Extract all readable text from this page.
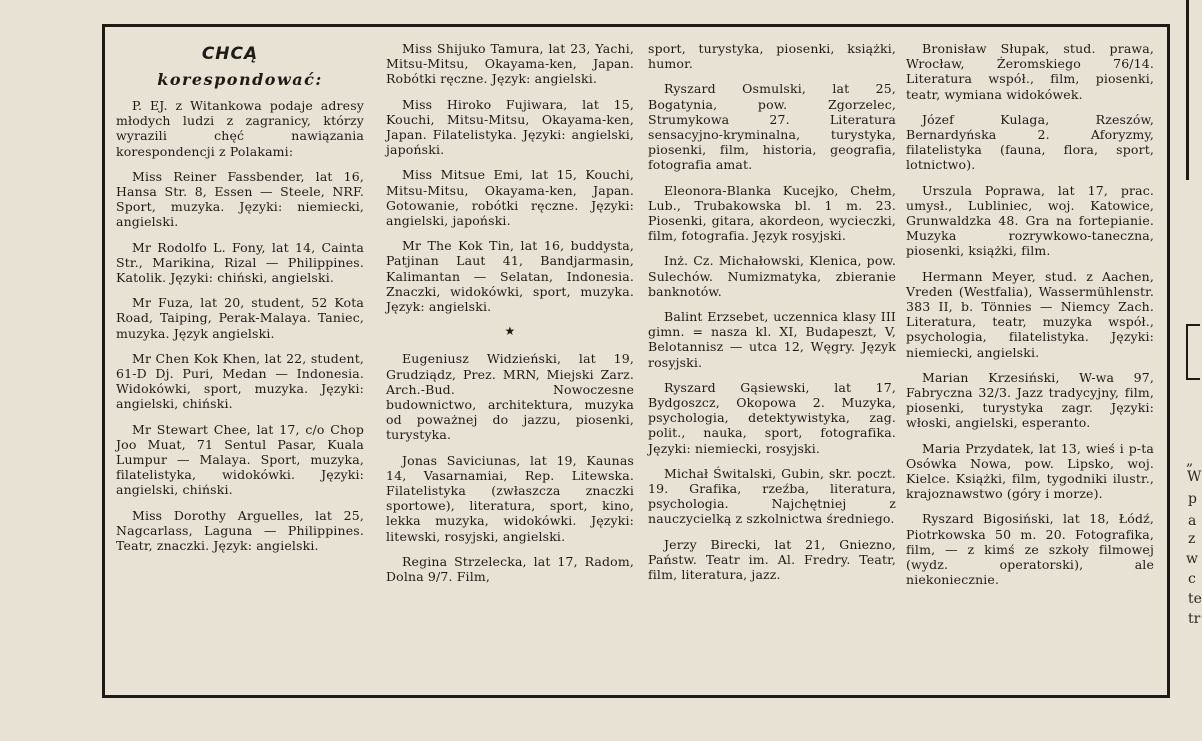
CHCĄ
korespondować:
P. EJ. z Witankowa podaje adresy młodych ludzi z zagranicy, którzy wyrazili chęć nawiązania korespondencji z Polakami:
Miss Reiner Fassbender, lat 16, Hansa Str. 8, Essen — Steele, NRF. Sport, muzyka. Języki: niemiecki, angielski.
Mr Rodolfo L. Fony, lat 14, Cainta Str., Marikina, Rizal — Philippines. Katolik. Języki: chiński, angielski.
Mr Fuza, lat 20, student, 52 Kota Road, Taiping, Perak-Malaya. Taniec, muzyka. Język angielski.
Mr Chen Kok Khen, lat 22, student, 61-D Dj. Puri, Medan — Indonesia. Widokówki, sport, muzyka. Języki: angielski, chiński.
Mr Stewart Chee, lat 17, c/o Chop Joo Muat, 71 Sentul Pasar, Kuala Lumpur — Malaya. Sport, muzyka, filatelistyka, widokówki. Języki: angielski, chiński.
Miss Dorothy Arguelles, lat 25, Nagcarlass, Laguna — Philippines. Teatr, znaczki. Język: angielski.
Miss Shijuko Tamura, lat 23, Yachi, Mitsu-Mitsu, Okayama-ken, Japan. Robótki ręczne. Język: angielski.
Miss Hiroko Fujiwara, lat 15, Kouchi, Mitsu-Mitsu, Okayama-ken, Japan. Filatelistyka. Języki: angielski, japoński.
Miss Mitsue Emi, lat 15, Kouchi, Mitsu-Mitsu, Okayama-ken, Japan. Gotowanie, robótki ręczne. Języki: angielski, japoński.
Mr The Kok Tin, lat 16, buddysta, Patjinan Laut 41, Bandjarmasin, Kalimantan — Selatan, Indonesia. Znaczki, widokówki, sport, muzyka. Język: angielski.
★
Eugeniusz Widzieński, lat 19, Grudziądz, Prez. MRN, Miejski Zarz. Arch.-Bud. Nowoczesne budownictwo, architektura, muzyka od poważnej do jazzu, piosenki, turystyka.
Jonas Saviciunas, lat 19, Kaunas 14, Vasarnamiai, Rep. Litewska. Filatelistyka (zwłaszcza znaczki sportowe), literatura, sport, kino, lekka muzyka, widokówki. Języki: litewski, rosyjski, angielski.
Regina Strzelecka, lat 17, Radom, Dolna 9/7. Film,
sport, turystyka, piosenki, książki, humor.
Ryszard Osmulski, lat 25, Bogatynia, pow. Zgorzelec, Strumykowa 27. Literatura sensacyjno-kryminalna, turystyka, piosenki, film, historia, geografia, fotografia amat.
Eleonora-Blanka Kucejko, Chełm, Lub., Trubakowska bl. 1 m. 23. Piosenki, gitara, akordeon, wycieczki, film, fotografia. Język rosyjski.
Inż. Cz. Michałowski, Klenica, pow. Sulechów. Numizmatyka, zbieranie banknotów.
Balint Erzsebet, uczennica klasy III gimn. = nasza kl. XI, Budapeszt, V, Belotannisz — utca 12, Węgry. Język rosyjski.
Ryszard Gąsiewski, lat 17, Bydgoszcz, Okopowa 2. Muzyka, psychologia, detektywistyka, zag. polit., nauka, sport, fotografika. Języki: niemiecki, rosyjski.
Michał Świtalski, Gubin, skr. poczt. 19. Grafika, rzeźba, literatura, psychologia. Najchętniej z nauczycielką z szkolnictwa średniego.
Jerzy Birecki, lat 21, Gniezno, Państw. Teatr im. Al. Fredry. Teatr, film, literatura, jazz.
Bronisław Słupak, stud. prawa, Wrocław, Żeromskiego 76/14. Literatura współ., film, piosenki, teatr, wymiana widokówek.
Józef Kulaga, Rzeszów, Bernardyńska 2. Aforyzmy, filatelistyka (fauna, flora, sport, lotnictwo).
Urszula Poprawa, lat 17, prac. umysł., Lubliniec, woj. Katowice, Grunwaldzka 48. Gra na fortepianie. Muzyka rozrywkowo-taneczna, piosenki, książki, film.
Hermann Meyer, stud. z Aachen, Vreden (Westfalia), Wassermühlenstr. 383 II, b. Tönnies — Niemcy Zach. Literatura, teatr, muzyka współ., psychologia, filatelistyka. Języki: niemiecki, angielski.
Marian Krzesiński, W-wa 97, Fabryczna 32/3. Jazz tradycyjny, film, piosenki, turystyka zagr. Języki: włoski, angielski, esperanto.
Maria Przydatek, lat 13, wieś i p-ta Osówka Nowa, pow. Lipsko, woj. Kielce. Książki, film, tygodniki ilustr., krajoznawstwo (góry i morze).
Ryszard Bigosiński, lat 18, Łódź, Piotrkowska 50 m. 20. Fotografika, film, — z kimś ze szkoły filmowej (wydz. operatorski), ale niekoniecznie.
„
W
p
a
z
w
c
te
tr
